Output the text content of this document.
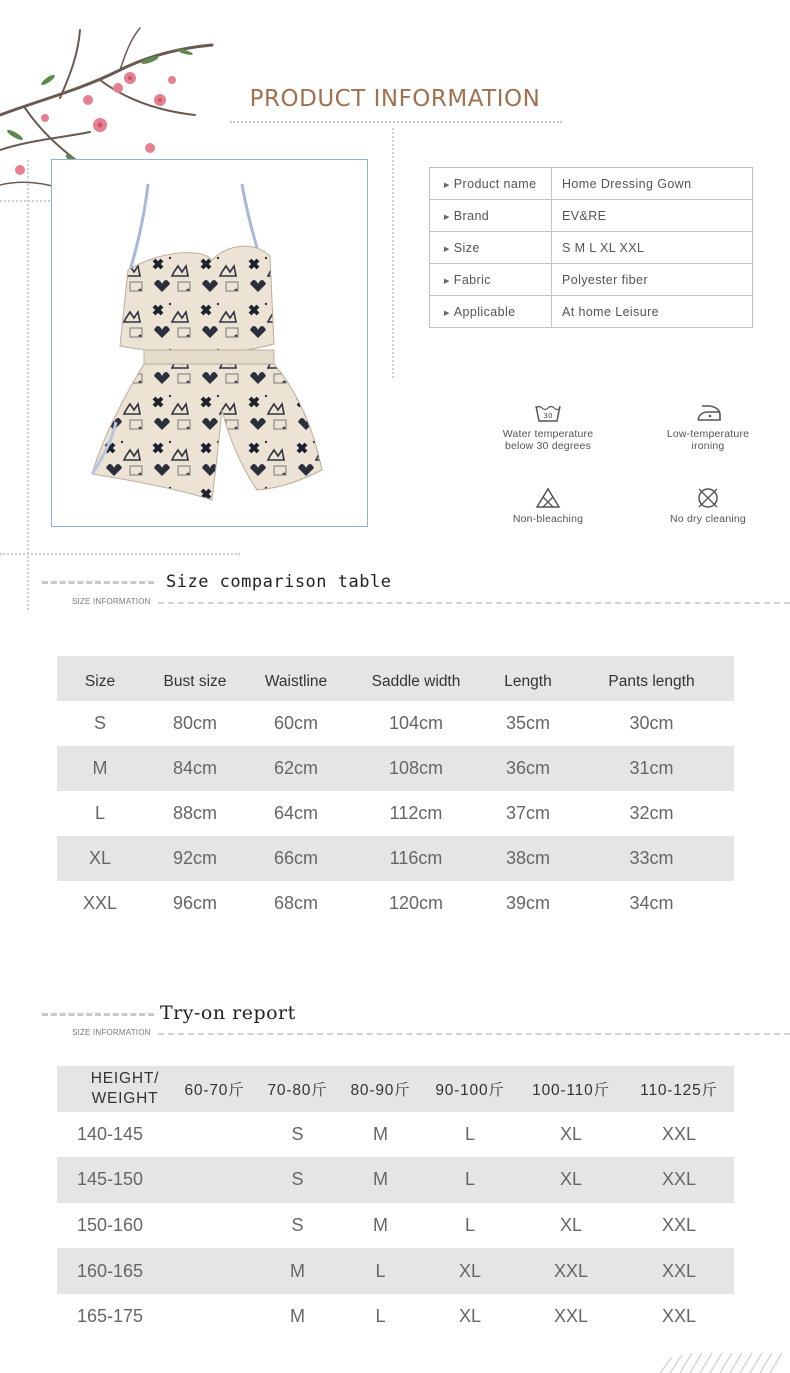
PRODUCT INFORMATION
▶ Product name	Home Dressing Gown
▶ Brand	EV&RE
▶ Size	S M L XL XXL
▶ Fabric	Polyester fiber
▶ Applicable	At home Leisure
30
Water temperature
below 30 degrees
Low-temperature
ironing
Non-bleaching	No dry cleaning
Size comparison table
SIZE INFORMATION
Size	Bust size	Waistline	Saddle width	Length	Pants length
S	80cm	60cm	104cm	35cm	30cm
M	84cm	62cm	108cm	36cm	31cm
L	88cm	64cm	112cm	37cm	32cm
XL	92cm	66cm	116cm	38cm	33cm
XXL	96cm	68cm	120cm	39cm	34cm
Try-on report
SIZE INFORMATION
HEIGHT/
WEIGHT	60-70斤	70-80斤	80-90斤	90-100斤	100-110斤	110-125斤
140-145		S	M	L	XL	XXL
145-150		S	M	L	XL	XXL
150-160		S	M	L	XL	XXL
160-165		M	L	XL	XXL	XXL
165-175		M	L	XL	XXL	XXL
